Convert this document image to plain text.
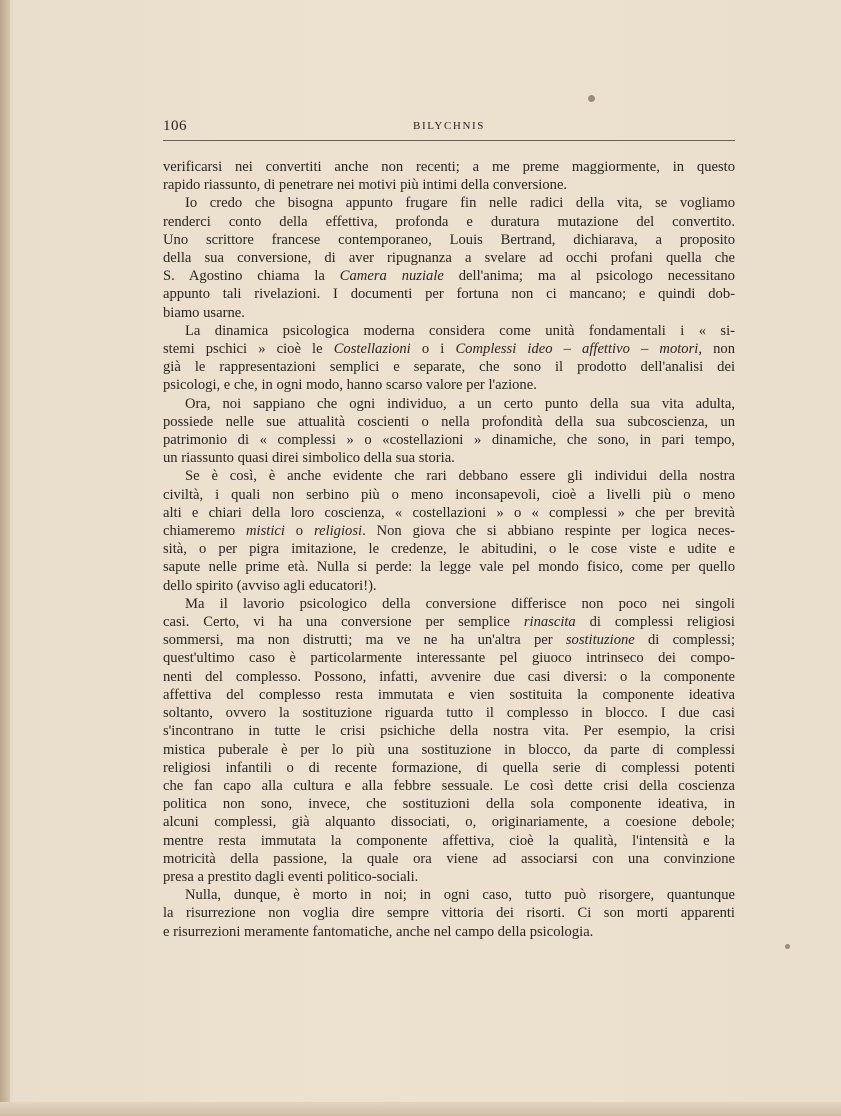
106	BILYCHNIS
verificarsi nei convertiti anche non recenti; a me preme maggiormente, in questo
rapido riassunto, di penetrare nei motivi più intimi della conversione.
Io credo che bisogna appunto frugare fin nelle radici della vita, se vogliamo
renderci conto della effettiva, profonda e duratura mutazione del convertito.
Uno scrittore francese contemporaneo, Louis Bertrand, dichiarava, a proposito
della sua conversione, di aver ripugnanza a svelare ad occhi profani quella che
S. Agostino chiama la Camera nuziale dell'anima; ma al psicologo necessitano
appunto tali rivelazioni. I documenti per fortuna non ci mancano; e quindi dob-
biamo usarne.
La dinamica psicologica moderna considera come unità fondamentali i « si-
stemi pschici » cioè le Costellazioni o i Complessi ideo – affettivo – motori, non
già le rappresentazioni semplici e separate, che sono il prodotto dell'analisi dei
psicologi, e che, in ogni modo, hanno scarso valore per l'azione.
Ora, noi sappiano che ogni individuo, a un certo punto della sua vita adulta,
possiede nelle sue attualità coscienti o nella profondità della sua subcoscienza, un
patrimonio di « complessi » o «costellazioni » dinamiche, che sono, in pari tempo,
un riassunto quasi direi simbolico della sua storia.
Se è così, è anche evidente che rari debbano essere gli individui della nostra
civiltà, i quali non serbino più o meno inconsapevoli, cioè a livelli più o meno
alti e chiari della loro coscienza, « costellazioni » o « complessi » che per brevità
chiameremo mistici o religiosi. Non giova che si abbiano respinte per logica neces-
sità, o per pigra imitazione, le credenze, le abitudini, o le cose viste e udite e
sapute nelle prime età. Nulla si perde: la legge vale pel mondo fisico, come per quello
dello spirito (avviso agli educatori!).
Ma il lavorio psicologico della conversione differisce non poco nei singoli
casi. Certo, vi ha una conversione per semplice rinascita di complessi religiosi
sommersi, ma non distrutti; ma ve ne ha un'altra per sostituzione di complessi;
quest'ultimo caso è particolarmente interessante pel giuoco intrinseco dei compo-
nenti del complesso. Possono, infatti, avvenire due casi diversi: o la componente
affettiva del complesso resta immutata e vien sostituita la componente ideativa
soltanto, ovvero la sostituzione riguarda tutto il complesso in blocco. I due casi
s'incontrano in tutte le crisi psichiche della nostra vita. Per esempio, la crisi
mistica puberale è per lo più una sostituzione in blocco, da parte di complessi
religiosi infantili o di recente formazione, di quella serie di complessi potenti
che fan capo alla cultura e alla febbre sessuale. Le così dette crisi della coscienza
politica non sono, invece, che sostituzioni della sola componente ideativa, in
alcuni complessi, già alquanto dissociati, o, originariamente, a coesione debole;
mentre resta immutata la componente affettiva, cioè la qualità, l'intensità e la
motricità della passione, la quale ora viene ad associarsi con una convinzione
presa a prestito dagli eventi politico-sociali.
Nulla, dunque, è morto in noi; in ogni caso, tutto può risorgere, quantunque
la risurrezione non voglia dire sempre vittoria dei risorti. Ci son morti apparenti
e risurrezioni meramente fantomatiche, anche nel campo della psicologia.
